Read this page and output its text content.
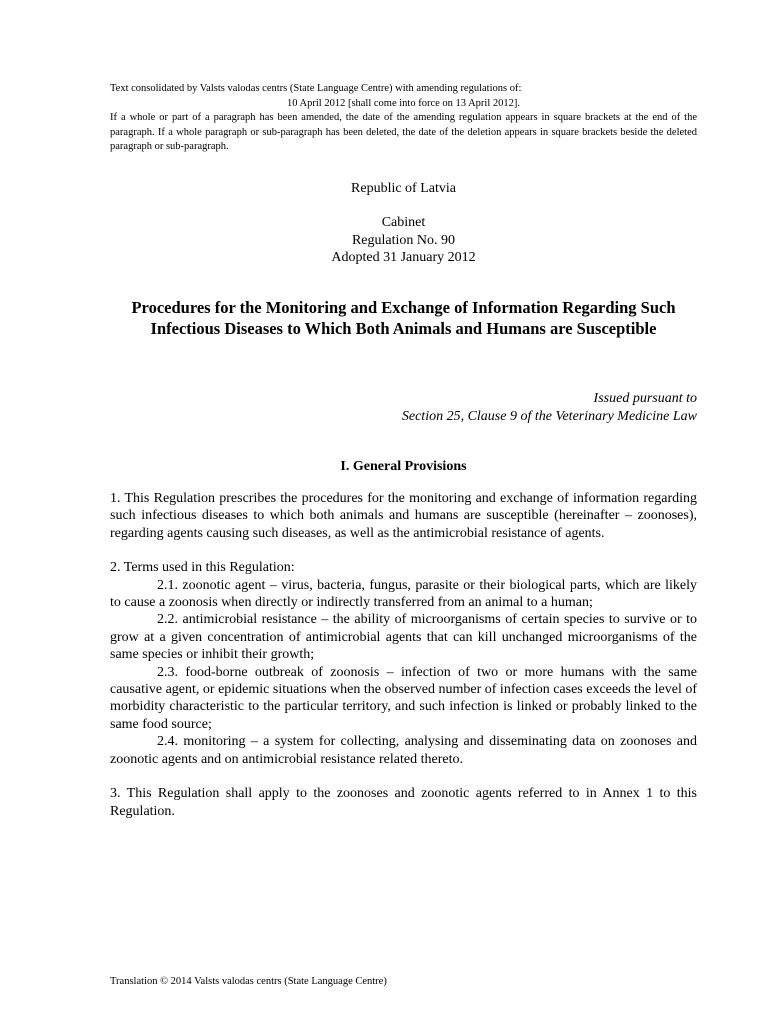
Text consolidated by Valsts valodas centrs (State Language Centre) with amending regulations of:

10 April 2012 [shall come into force on 13 April 2012].

If a whole or part of a paragraph has been amended, the date of the amending regulation appears in square brackets at the end of the paragraph. If a whole paragraph or sub-paragraph has been deleted, the date of the deletion appears in square brackets beside the deleted paragraph or sub-paragraph.

Republic of Latvia

Cabinet

Regulation No. 90

Adopted 31 January 2012

Procedures for the Monitoring and Exchange of Information Regarding Such Infectious Diseases to Which Both Animals and Humans are Susceptible

Issued pursuant to

Section 25, Clause 9 of the Veterinary Medicine Law

I. General Provisions

1. This Regulation prescribes the procedures for the monitoring and exchange of information regarding such infectious diseases to which both animals and humans are susceptible (hereinafter – zoonoses), regarding agents causing such diseases, as well as the antimicrobial resistance of agents.

2. Terms used in this Regulation:

2.1. zoonotic agent – virus, bacteria, fungus, parasite or their biological parts, which are likely to cause a zoonosis when directly or indirectly transferred from an animal to a human;

2.2. antimicrobial resistance – the ability of microorganisms of certain species to survive or to grow at a given concentration of antimicrobial agents that can kill unchanged microorganisms of the same species or inhibit their growth;

2.3. food-borne outbreak of zoonosis – infection of two or more humans with the same causative agent, or epidemic situations when the observed number of infection cases exceeds the level of morbidity characteristic to the particular territory, and such infection is linked or probably linked to the same food source;

2.4. monitoring – a system for collecting, analysing and disseminating data on zoonoses and zoonotic agents and on antimicrobial resistance related thereto.

3. This Regulation shall apply to the zoonoses and zoonotic agents referred to in Annex 1 to this Regulation.

Translation © 2014 Valsts valodas centrs (State Language Centre)
